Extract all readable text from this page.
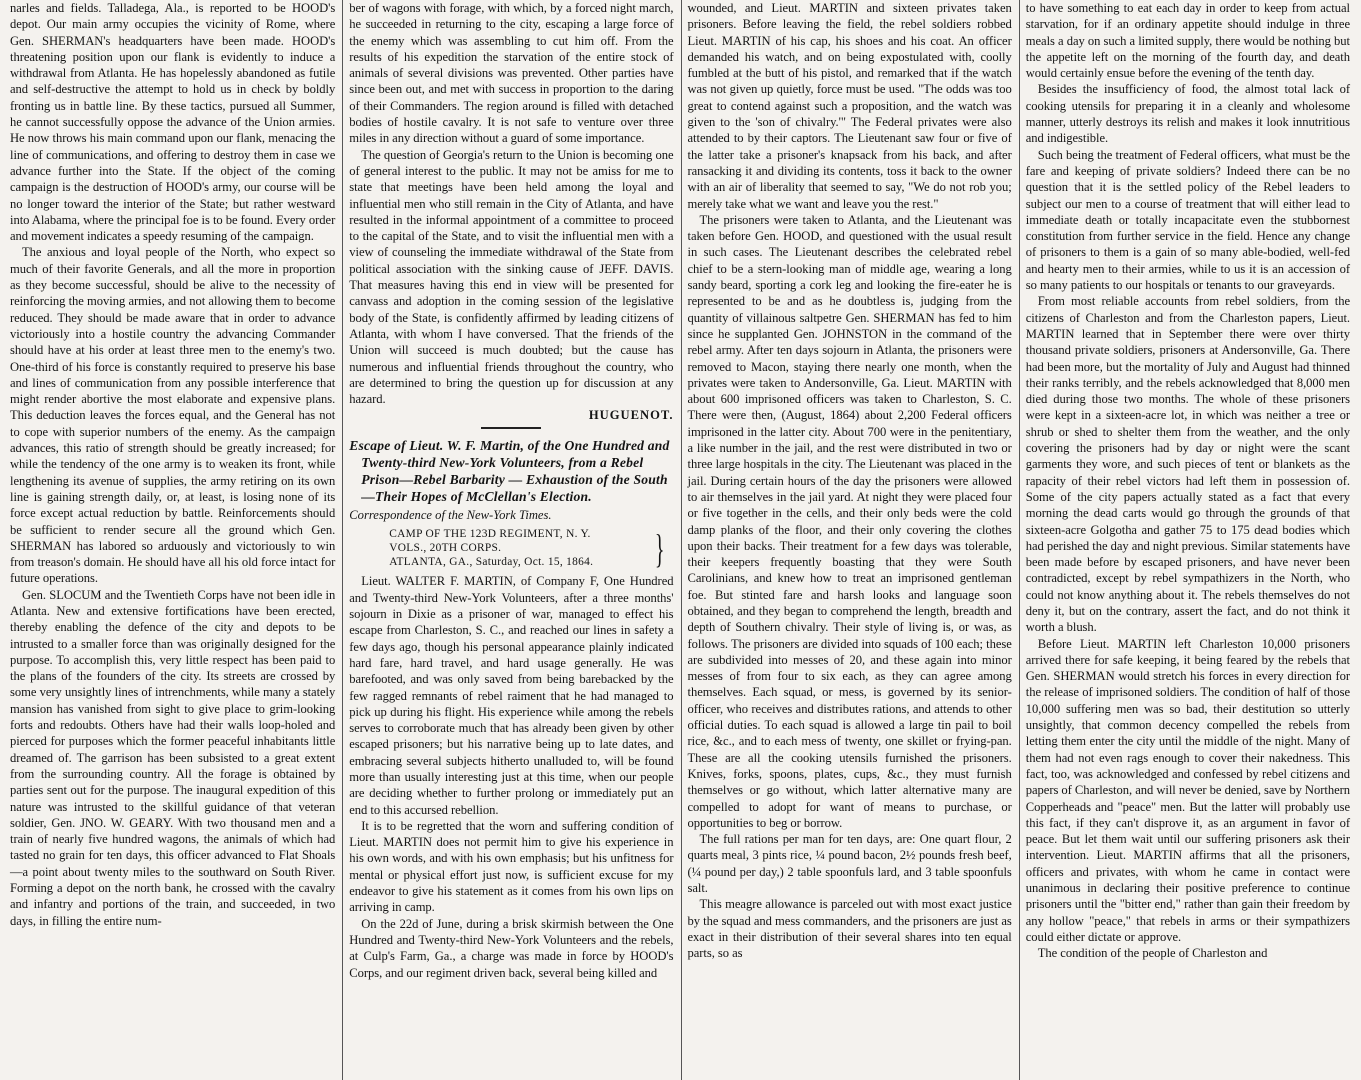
narles and fields. Talladega, Ala., is reported to be HOOD's depot. Our main army occupies the vicinity of Rome, where Gen. SHERMAN's headquarters have been made. HOOD's threatening position upon our flank is evidently to induce a withdrawal from Atlanta. He has hopelessly abandoned as futile and self-destructive the attempt to hold us in check by boldly fronting us in battle line. By these tactics, pursued all Summer, he cannot successfully oppose the advance of the Union armies. He now throws his main command upon our flank, menacing the line of communications, and offering to destroy them in case we advance further into the State. If the object of the coming campaign is the destruction of HOOD's army, our course will be no longer toward the interior of the State; but rather westward into Alabama, where the principal foe is to be found. Every order and movement indicates a speedy resuming of the campaign.

The anxious and loyal people of the North, who expect so much of their favorite Generals, and all the more in proportion as they become successful, should be alive to the necessity of reinforcing the moving armies, and not allowing them to become reduced. They should be made aware that in order to advance victoriously into a hostile country the advancing Commander should have at his order at least three men to the enemy's two. One-third of his force is constantly required to preserve his base and lines of communication from any possible interference that might render abortive the most elaborate and expensive plans. This deduction leaves the forces equal, and the General has not to cope with superior numbers of the enemy. As the campaign advances, this ratio of strength should be greatly increased; for while the tendency of the one army is to weaken its front, while lengthening its avenue of supplies, the army retiring on its own line is gaining strength daily, or, at least, is losing none of its force except actual reduction by battle. Reinforcements should be sufficient to render secure all the ground which Gen. SHERMAN has labored so arduously and victoriously to win from treason's domain. He should have all his old force intact for future operations.

Gen. SLOCUM and the Twentieth Corps have not been idle in Atlanta. New and extensive fortifications have been erected, thereby enabling the defence of the city and depots to be intrusted to a smaller force than was originally designed for the purpose. To accomplish this, very little respect has been paid to the plans of the founders of the city. Its streets are crossed by some very unsightly lines of intrenchments, while many a stately mansion has vanished from sight to give place to grim-looking forts and redoubts. Others have had their walls loop-holed and pierced for purposes which the former peaceful inhabitants little dreamed of. The garrison has been subsisted to a great extent from the surrounding country. All the forage is obtained by parties sent out for the purpose. The inaugural expedition of this nature was intrusted to the skillful guidance of that veteran soldier, Gen. JNO. W. GEARY. With two thousand men and a train of nearly five hundred wagons, the animals of which had tasted no grain for ten days, this officer advanced to Flat Shoals—a point about twenty miles to the southward on South River. Forming a depot on the north bank, he crossed with the cavalry and infantry and portions of the train, and succeeded, in two days, in filling the entire num-

ber of wagons with forage, with which, by a forced night march, he succeeded in returning to the city, escaping a large force of the enemy which was assembling to cut him off. From the results of his expedition the starvation of the entire stock of animals of several divisions was prevented. Other parties have since been out, and met with success in proportion to the daring of their Commanders. The region around is filled with detached bodies of hostile cavalry. It is not safe to venture over three miles in any direction without a guard of some importance.

The question of Georgia's return to the Union is becoming one of general interest to the public. It may not be amiss for me to state that meetings have been held among the loyal and influential men who still remain in the City of Atlanta, and have resulted in the informal appointment of a committee to proceed to the capital of the State, and to visit the influential men with a view of counseling the immediate withdrawal of the State from political association with the sinking cause of JEFF. DAVIS. That measures having this end in view will be presented for canvass and adoption in the coming session of the legislative body of the State, is confidently affirmed by leading citizens of Atlanta, with whom I have conversed. That the friends of the Union will succeed is much doubted; but the cause has numerous and influential friends throughout the country, who are determined to bring the question up for discussion at any hazard.

HUGUENOT.
Escape of Lieut. W. F. Martin, of the One Hundred and Twenty-third New-York Volunteers, from a Rebel Prison—Rebel Barbarity — Exhaustion of the South—Their Hopes of McClellan's Election.
Correspondence of the New-York Times.
CAMP OF THE 123D REGIMENT, N. Y.
VOLS., 20TH CORPS.
ATLANTA, GA., Saturday, Oct. 15, 1864.	}

Lieut. WALTER F. MARTIN, of Company F, One Hundred and Twenty-third New-York Volunteers, after a three months' sojourn in Dixie as a prisoner of war, managed to effect his escape from Charleston, S. C., and reached our lines in safety a few days ago, though his personal appearance plainly indicated hard fare, hard travel, and hard usage generally. He was barefooted, and was only saved from being barebacked by the few ragged remnants of rebel raiment that he had managed to pick up during his flight. His experience while among the rebels serves to corroborate much that has already been given by other escaped prisoners; but his narrative being up to late dates, and embracing several subjects hitherto unalluded to, will be found more than usually interesting just at this time, when our people are deciding whether to further prolong or immediately put an end to this accursed rebellion.

It is to be regretted that the worn and suffering condition of Lieut. MARTIN does not permit him to give his experience in his own words, and with his own emphasis; but his unfitness for mental or physical effort just now, is sufficient excuse for my endeavor to give his statement as it comes from his own lips on arriving in camp.

On the 22d of June, during a brisk skirmish between the One Hundred and Twenty-third New-York Volunteers and the rebels, at Culp's Farm, Ga., a charge was made in force by HOOD's Corps, and our regiment driven back, several being killed and

wounded, and Lieut. MARTIN and sixteen privates taken prisoners. Before leaving the field, the rebel soldiers robbed Lieut. MARTIN of his cap, his shoes and his coat. An officer demanded his watch, and on being expostulated with, coolly fumbled at the butt of his pistol, and remarked that if the watch was not given up quietly, force must be used. "The odds was too great to contend against such a proposition, and the watch was given to the 'son of chivalry.'" The Federal privates were also attended to by their captors. The Lieutenant saw four or five of the latter take a prisoner's knapsack from his back, and after ransacking it and dividing its contents, toss it back to the owner with an air of liberality that seemed to say, "We do not rob you; merely take what we want and leave you the rest."

The prisoners were taken to Atlanta, and the Lieutenant was taken before Gen. HOOD, and questioned with the usual result in such cases. The Lieutenant describes the celebrated rebel chief to be a stern-looking man of middle age, wearing a long sandy beard, sporting a cork leg and looking the fire-eater he is represented to be and as he doubtless is, judging from the quantity of villainous saltpetre Gen. SHERMAN has fed to him since he supplanted Gen. JOHNSTON in the command of the rebel army. After ten days sojourn in Atlanta, the prisoners were removed to Macon, staying there nearly one month, when the privates were taken to Andersonville, Ga. Lieut. MARTIN with about 600 imprisoned officers was taken to Charleston, S. C. There were then, (August, 1864) about 2,200 Federal officers imprisoned in the latter city. About 700 were in the penitentiary, a like number in the jail, and the rest were distributed in two or three large hospitals in the city. The Lieutenant was placed in the jail. During certain hours of the day the prisoners were allowed to air themselves in the jail yard. At night they were placed four or five together in the cells, and their only beds were the cold damp planks of the floor, and their only covering the clothes upon their backs. Their treatment for a few days was tolerable, their keepers frequently boasting that they were South Carolinians, and knew how to treat an imprisoned gentleman foe. But stinted fare and harsh looks and language soon obtained, and they began to comprehend the length, breadth and depth of Southern chivalry. Their style of living is, or was, as follows. The prisoners are divided into squads of 100 each; these are subdivided into messes of 20, and these again into minor messes of from four to six each, as they can agree among themselves. Each squad, or mess, is governed by its senior-officer, who receives and distributes rations, and attends to other official duties. To each squad is allowed a large tin pail to boil rice, &c., and to each mess of twenty, one skillet or frying-pan. These are all the cooking utensils furnished the prisoners. Knives, forks, spoons, plates, cups, &c., they must furnish themselves or go without, which latter alternative many are compelled to adopt for want of means to purchase, or opportunities to beg or borrow.

The full rations per man for ten days, are: One quart flour, 2 quarts meal, 3 pints rice, ¼ pound bacon, 2½ pounds fresh beef, (¼ pound per day,) 2 table spoonfuls lard, and 3 table spoonfuls salt.

This meagre allowance is parceled out with most exact justice by the squad and mess commanders, and the prisoners are just as exact in their distribution of their several shares into ten equal parts, so as

to have something to eat each day in order to keep from actual starvation, for if an ordinary appetite should indulge in three meals a day on such a limited supply, there would be nothing but the appetite left on the morning of the fourth day, and death would certainly ensue before the evening of the tenth day.

Besides the insufficiency of food, the almost total lack of cooking utensils for preparing it in a cleanly and wholesome manner, utterly destroys its relish and makes it look innutritious and indigestible.

Such being the treatment of Federal officers, what must be the fare and keeping of private soldiers? Indeed there can be no question that it is the settled policy of the Rebel leaders to subject our men to a course of treatment that will either lead to immediate death or totally incapacitate even the stubbornest constitution from further service in the field. Hence any change of prisoners to them is a gain of so many able-bodied, well-fed and hearty men to their armies, while to us it is an accession of so many patients to our hospitals or tenants to our graveyards.

From most reliable accounts from rebel soldiers, from the citizens of Charleston and from the Charleston papers, Lieut. MARTIN learned that in September there were over thirty thousand private soldiers, prisoners at Andersonville, Ga. There had been more, but the mortality of July and August had thinned their ranks terribly, and the rebels acknowledged that 8,000 men died during those two months. The whole of these prisoners were kept in a sixteen-acre lot, in which was neither a tree or shrub or shed to shelter them from the weather, and the only covering the prisoners had by day or night were the scant garments they wore, and such pieces of tent or blankets as the rapacity of their rebel victors had left them in possession of. Some of the city papers actually stated as a fact that every morning the dead carts would go through the grounds of that sixteen-acre Golgotha and gather 75 to 175 dead bodies which had perished the day and night previous. Similar statements have been made before by escaped prisoners, and have never been contradicted, except by rebel sympathizers in the North, who could not know anything about it. The rebels themselves do not deny it, but on the contrary, assert the fact, and do not think it worth a blush.

Before Lieut. MARTIN left Charleston 10,000 prisoners arrived there for safe keeping, it being feared by the rebels that Gen. SHERMAN would stretch his forces in every direction for the release of imprisoned soldiers. The condition of half of those 10,000 suffering men was so bad, their destitution so utterly unsightly, that common decency compelled the rebels from letting them enter the city until the middle of the night. Many of them had not even rags enough to cover their nakedness. This fact, too, was acknowledged and confessed by rebel citizens and papers of Charleston, and will never be denied, save by Northern Copperheads and "peace" men. But the latter will probably use this fact, if they can't disprove it, as an argument in favor of peace. But let them wait until our suffering prisoners ask their intervention. Lieut. MARTIN affirms that all the prisoners, officers and privates, with whom he came in contact were unanimous in declaring their positive preference to continue prisoners until the "bitter end," rather than gain their freedom by any hollow "peace," that rebels in arms or their sympathizers could either dictate or approve.

The condition of the people of Charleston and
